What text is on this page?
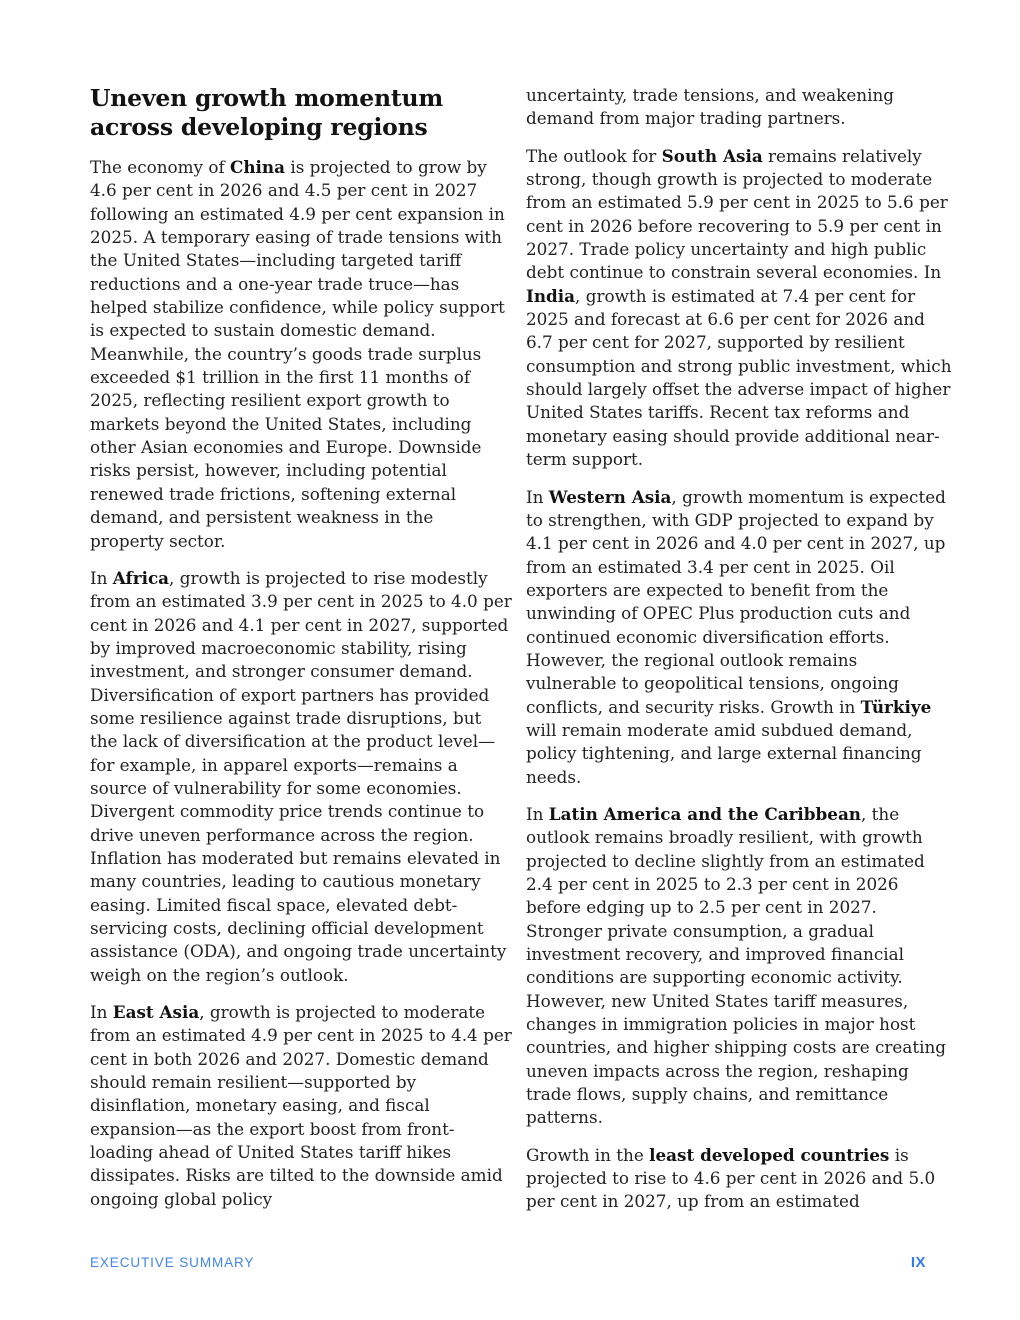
Uneven growth momentum across developing regions

The economy of China is projected to grow by 4.6 per cent in 2026 and 4.5 per cent in 2027 following an estimated 4.9 per cent expansion in 2025. A temporary easing of trade tensions with the United States—including targeted tariff reductions and a one-year trade truce—has helped stabilize confidence, while policy support is expected to sustain domestic demand. Meanwhile, the country’s goods trade surplus exceeded $1 trillion in the first 11 months of 2025, reflecting resilient export growth to markets beyond the United States, including other Asian economies and Europe. Downside risks persist, however, including potential renewed trade frictions, softening external demand, and persistent weakness in the property sector.

In Africa, growth is projected to rise modestly from an estimated 3.9 per cent in 2025 to 4.0 per cent in 2026 and 4.1 per cent in 2027, supported by improved macroeconomic stability, rising investment, and stronger consumer demand. Diversification of export partners has provided some resilience against trade disruptions, but the lack of diversification at the product level—for example, in apparel exports—remains a source of vulnerability for some economies. Divergent commodity price trends continue to drive uneven performance across the region. Inflation has moderated but remains elevated in many countries, leading to cautious monetary easing. Limited fiscal space, elevated debt-servicing costs, declining official development assistance (ODA), and ongoing trade uncertainty weigh on the region’s outlook.

In East Asia, growth is projected to moderate from an estimated 4.9 per cent in 2025 to 4.4 per cent in both 2026 and 2027. Domestic demand should remain resilient—supported by disinflation, monetary easing, and fiscal expansion—as the export boost from front-loading ahead of United States tariff hikes dissipates. Risks are tilted to the downside amid ongoing global policy

uncertainty, trade tensions, and weakening demand from major trading partners.

The outlook for South Asia remains relatively strong, though growth is projected to moderate from an estimated 5.9 per cent in 2025 to 5.6 per cent in 2026 before recovering to 5.9 per cent in 2027. Trade policy uncertainty and high public debt continue to constrain several economies. In India, growth is estimated at 7.4 per cent for 2025 and forecast at 6.6 per cent for 2026 and 6.7 per cent for 2027, supported by resilient consumption and strong public investment, which should largely offset the adverse impact of higher United States tariffs. Recent tax reforms and monetary easing should provide additional near-term support.

In Western Asia, growth momentum is expected to strengthen, with GDP projected to expand by 4.1 per cent in 2026 and 4.0 per cent in 2027, up from an estimated 3.4 per cent in 2025. Oil exporters are expected to benefit from the unwinding of OPEC Plus production cuts and continued economic diversification efforts. However, the regional outlook remains vulnerable to geopolitical tensions, ongoing conflicts, and security risks. Growth in Türkiye will remain moderate amid subdued demand, policy tightening, and large external financing needs.

In Latin America and the Caribbean, the outlook remains broadly resilient, with growth projected to decline slightly from an estimated 2.4 per cent in 2025 to 2.3 per cent in 2026 before edging up to 2.5 per cent in 2027. Stronger private consumption, a gradual investment recovery, and improved financial conditions are supporting economic activity. However, new United States tariff measures, changes in immigration policies in major host countries, and higher shipping costs are creating uneven impacts across the region, reshaping trade flows, supply chains, and remittance patterns.

Growth in the least developed countries is projected to rise to 4.6 per cent in 2026 and 5.0 per cent in 2027, up from an estimated

EXECUTIVE SUMMARY	IX
